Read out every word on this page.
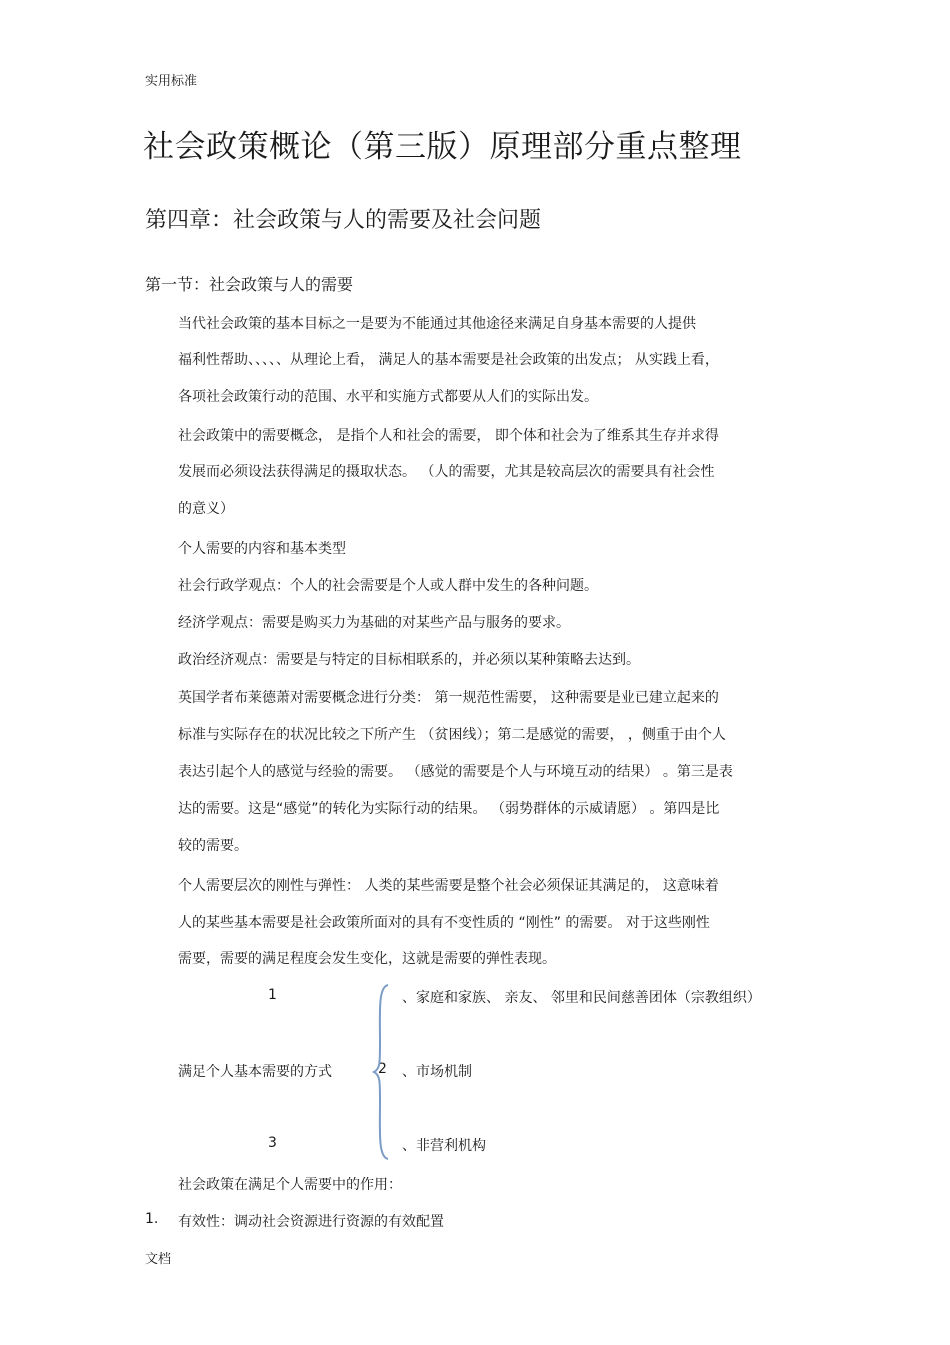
实用标准
社会政策概论（第三版）原理部分重点整理
第四章：社会政策与人的需要及社会问题
第一节：社会政策与人的需要
当代社会政策的基本目标之一是要为不能通过其他途径来满足自身基本需要的人提供
福利性帮助、、、、、从理论上看， 满足人的基本需要是社会政策的出发点； 从实践上看，
各项社会政策行动的范围、水平和实施方式都要从人们的实际出发。
社会政策中的需要概念， 是指个人和社会的需要， 即个体和社会为了维系其生存并求得
发展而必须设法获得满足的摄取状态。 （人的需要，尤其是较高层次的需要具有社会性
的意义）
个人需要的内容和基本类型
社会行政学观点：个人的社会需要是个人或人群中发生的各种问题。
经济学观点：需要是购买力为基础的对某些产品与服务的要求。
政治经济观点：需要是与特定的目标相联系的，并必须以某种策略去达到。
英国学者布莱德萧对需要概念进行分类： 第一规范性需要， 这种需要是业已建立起来的
标准与实际存在的状况比较之下所产生 （贫困线）；第二是感觉的需要， ，侧重于由个人
表达引起个人的感觉与经验的需要。 （感觉的需要是个人与环境互动的结果） 。第三是表
达的需要。这是“感觉”的转化为实际行动的结果。 （弱势群体的示威请愿） 。第四是比
较的需要。
个人需要层次的刚性与弹性： 人类的某些需要是整个社会必须保证其满足的， 这意味着
人的某些基本需要是社会政策所面对的具有不变性质的 “刚性” 的需要。 对于这些刚性
需要，需要的满足程度会发生变化，这就是需要的弹性表现。
1
满足个人基本需要的方式	2
3
、家庭和家族、 亲友、 邻里和民间慈善团体（宗教组织）
、市场机制
、非营利机构
社会政策在满足个人需要中的作用：
1. 有效性：调动社会资源进行资源的有效配置
文档
